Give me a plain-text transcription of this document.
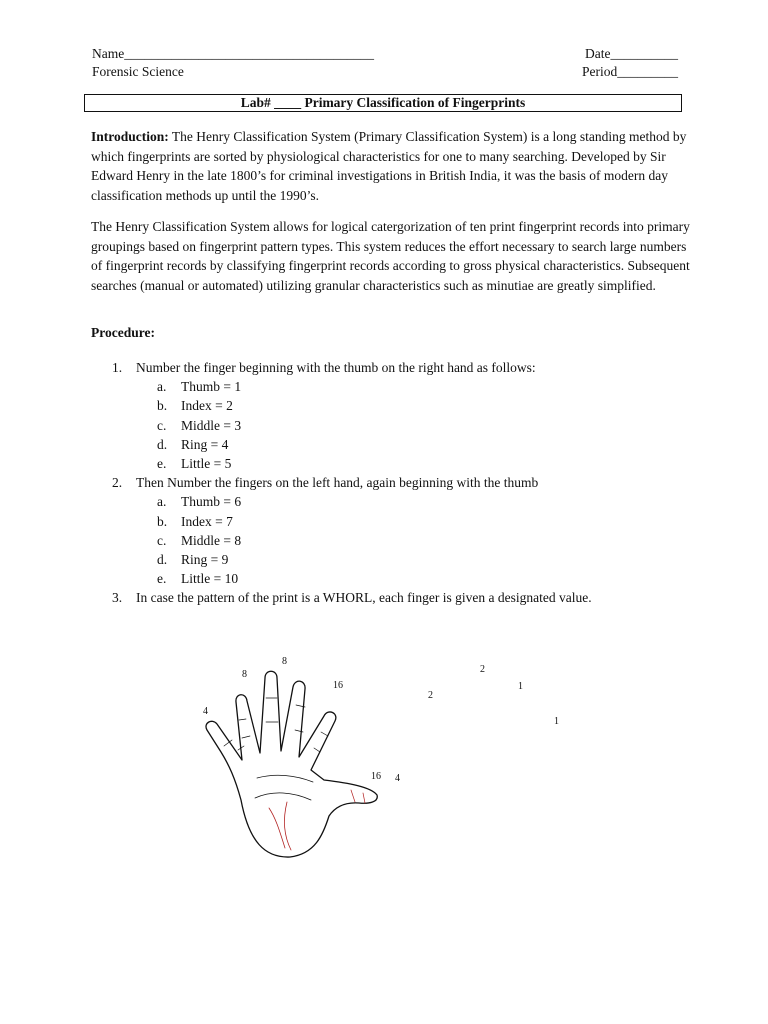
Name_____________________________________	Date__________
Forensic Science	Period_________
Lab# ____ Primary Classification of Fingerprints

Introduction: The Henry Classification System (Primary Classification System) is a long standing method by which fingerprints are sorted by physiological characteristics for one to many searching. Developed by Sir Edward Henry in the late 1800’s for criminal investigations in British India, it was the basis of modern day classification methods up until the 1990’s.

The Henry Classification System allows for logical catergorization of ten print fingerprint records into primary groupings based on fingerprint pattern types. This system reduces the effort necessary to search large numbers of fingerprint records by classifying fingerprint records according to gross physical characteristics. Subsequent searches (manual or automated) utilizing granular characteristics such as minutiae are greatly simplified.

Procedure:
1. Number the finger beginning with the thumb on the right hand as follows:
a. Thumb = 1
b. Index = 2
c. Middle = 3
d. Ring = 4
e. Little = 5
2. Then Number the fingers on the left hand, again beginning with the thumb
a. Thumb = 6
b. Index = 7
c. Middle = 8
d. Ring = 9
e. Little = 10
3. In case the pattern of the print is a WHORL, each finger is given a designated value.
4
8
8
16
16 4
2
2
1
1
